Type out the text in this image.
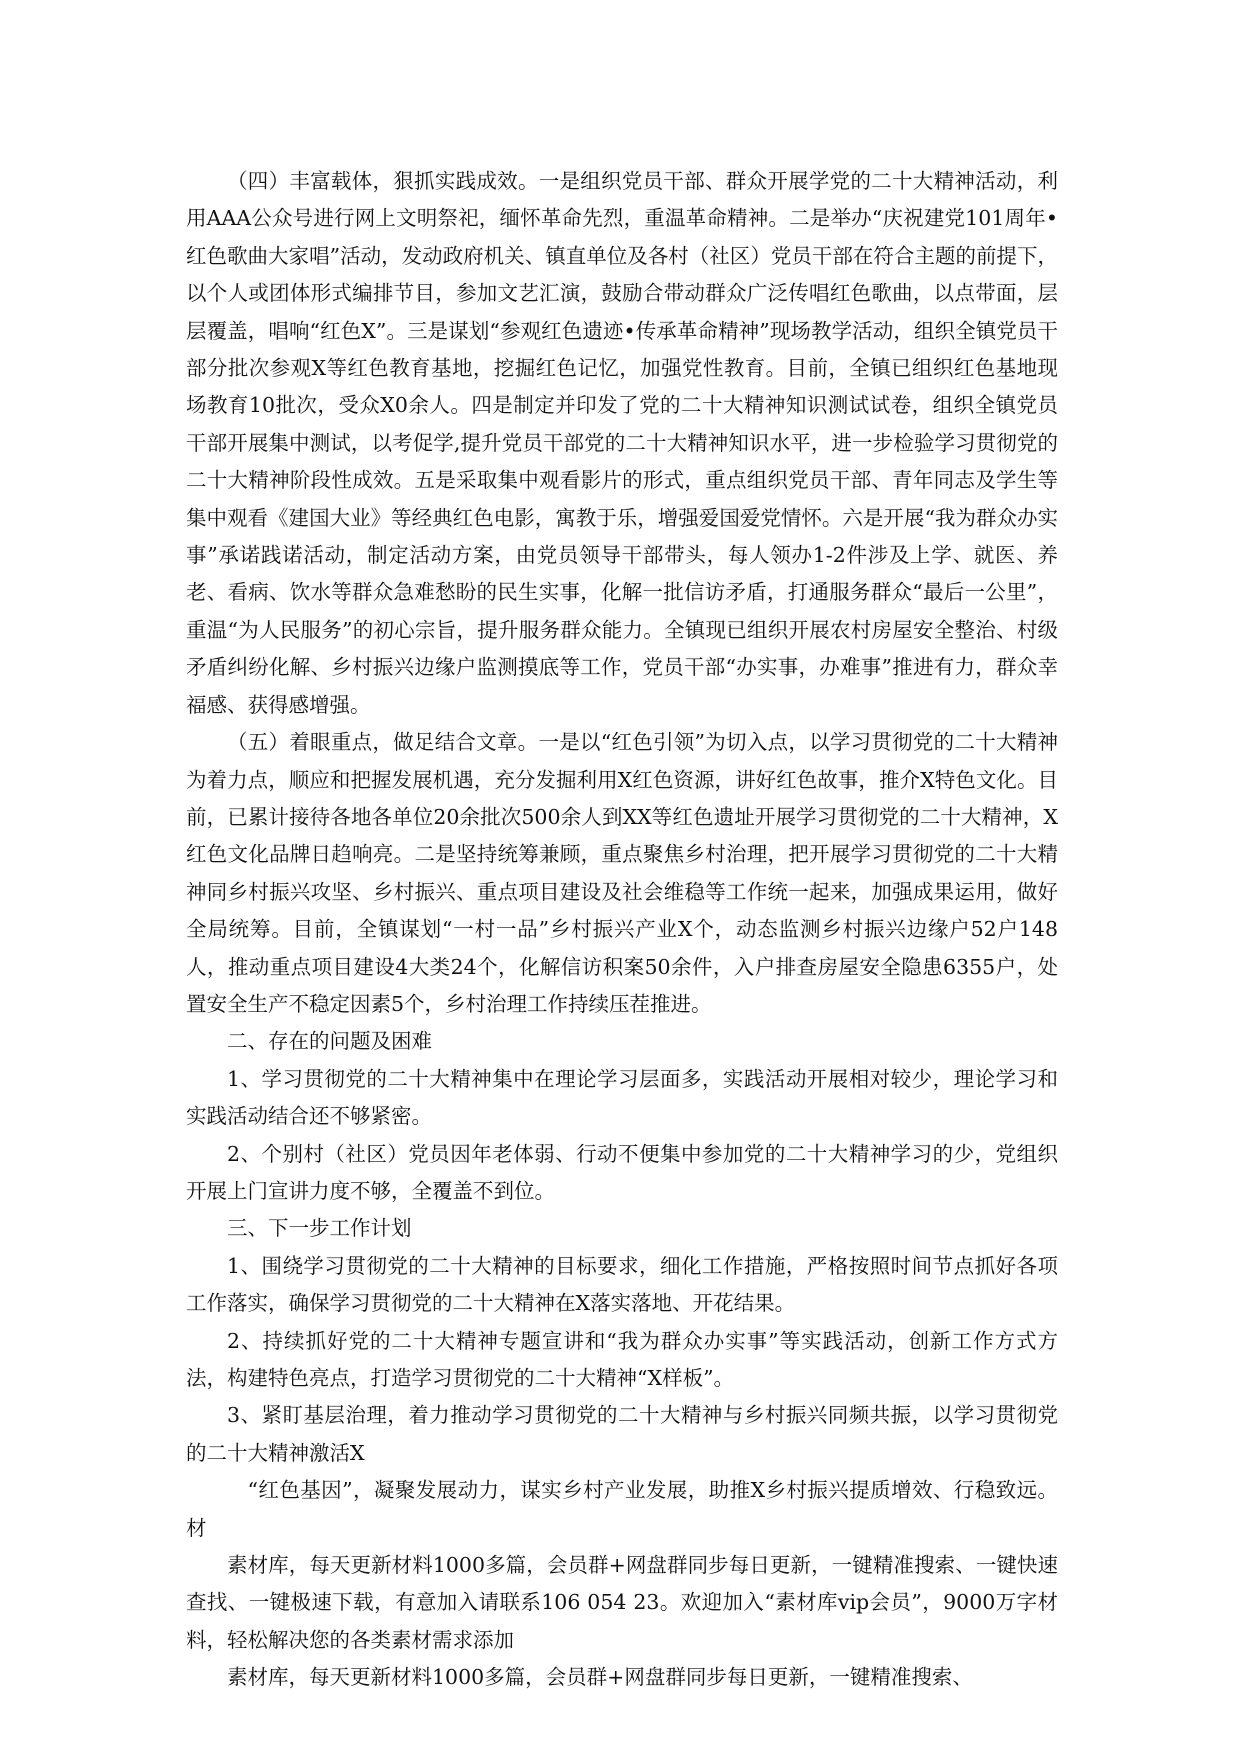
（四）丰富载体，狠抓实践成效。一是组织党员干部、群众开展学党的二十大精神活动，利用AAA公众号进行网上文明祭祀，缅怀革命先烈，重温革命精神。二是举办“庆祝建党101周年•红色歌曲大家唱”活动，发动政府机关、镇直单位及各村（社区）党员干部在符合主题的前提下，以个人或团体形式编排节目，参加文艺汇演，鼓励合带动群众广泛传唱红色歌曲，以点带面，层层覆盖，唱响“红色X”。三是谋划“参观红色遗迹•传承革命精神”现场教学活动，组织全镇党员干部分批次参观X等红色教育基地，挖掘红色记忆，加强党性教育。目前，全镇已组织红色基地现场教育10批次，受众X0余人。四是制定并印发了党的二十大精神知识测试试卷，组织全镇党员干部开展集中测试，以考促学,提升党员干部党的二十大精神知识水平，进一步检验学习贯彻党的二十大精神阶段性成效。五是采取集中观看影片的形式，重点组织党员干部、青年同志及学生等集中观看《建国大业》等经典红色电影，寓教于乐，增强爱国爱党情怀。六是开展“我为群众办实事”承诺践诺活动，制定活动方案，由党员领导干部带头，每人领办1-2件涉及上学、就医、养老、看病、饮水等群众急难愁盼的民生实事，化解一批信访矛盾，打通服务群众“最后一公里”，重温“为人民服务”的初心宗旨，提升服务群众能力。全镇现已组织开展农村房屋安全整治、村级矛盾纠纷化解、乡村振兴边缘户监测摸底等工作，党员干部“办实事，办难事”推进有力，群众幸福感、获得感增强。

（五）着眼重点，做足结合文章。一是以“红色引领”为切入点，以学习贯彻党的二十大精神为着力点，顺应和把握发展机遇，充分发掘利用X红色资源，讲好红色故事，推介X特色文化。目前，已累计接待各地各单位20余批次500余人到XX等红色遗址开展学习贯彻党的二十大精神，X红色文化品牌日趋响亮。二是坚持统筹兼顾，重点聚焦乡村治理，把开展学习贯彻党的二十大精神同乡村振兴攻坚、乡村振兴、重点项目建设及社会维稳等工作统一起来，加强成果运用，做好全局统筹。目前，全镇谋划“一村一品”乡村振兴产业X个，动态监测乡村振兴边缘户52户148人，推动重点项目建设4大类24个，化解信访积案50余件，入户排查房屋安全隐患6355户，处置安全生产不稳定因素5个，乡村治理工作持续压茬推进。

二、存在的问题及困难

1、学习贯彻党的二十大精神集中在理论学习层面多，实践活动开展相对较少，理论学习和实践活动结合还不够紧密。

2、个别村（社区）党员因年老体弱、行动不便集中参加党的二十大精神学习的少，党组织开展上门宣讲力度不够，全覆盖不到位。

三、下一步工作计划

1、围绕学习贯彻党的二十大精神的目标要求，细化工作措施，严格按照时间节点抓好各项工作落实，确保学习贯彻党的二十大精神在X落实落地、开花结果。

2、持续抓好党的二十大精神专题宣讲和“我为群众办实事”等实践活动，创新工作方式方法，构建特色亮点，打造学习贯彻党的二十大精神“X样板”。

3、紧盯基层治理，着力推动学习贯彻党的二十大精神与乡村振兴同频共振，以学习贯彻党的二十大精神激活X

“红色基因”，凝聚发展动力，谋实乡村产业发展，助推X乡村振兴提质增效、行稳致远。材

素材库，每天更新材料1000多篇，会员群+网盘群同步每日更新，一键精准搜索、一键快速查找、一键极速下载，有意加入请联系106 054 23。欢迎加入“素材库vip会员”，9000万字材料，轻松解决您的各类素材需求添加

素材库，每天更新材料1000多篇，会员群+网盘群同步每日更新，一键精准搜索、
